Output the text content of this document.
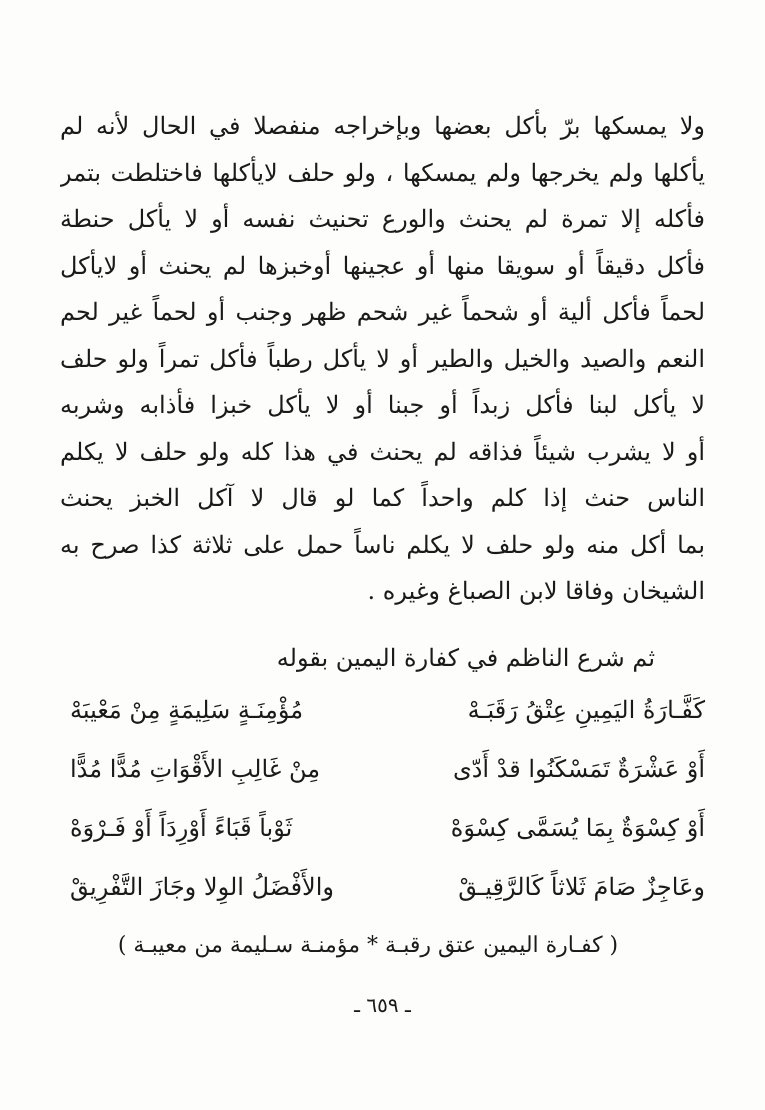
ولا يمسكها برّ بأكل بعضها وبإخراجه منفصلا في الحال لأنه لم
يأكلها ولم يخرجها ولم يمسكها ، ولو حلف لايأكلها فاختلطت بتمر
فأكله إلا تمرة لم يحنث والورع تحنيث نفسه أو لا يأكل حنطة
فأكل دقيقاً أو سويقا منها أو عجينها أوخبزها لم يحنث أو لايأكل
لحماً فأكل ألية أو شحماً غير شحم ظهر وجنب أو لحماً غير لحم
النعم والصيد والخيل والطير أو لا يأكل رطباً فأكل تمراً ولو حلف
لا يأكل لبنا فأكل زبداً أو جبنا أو لا يأكل خبزا فأذابه وشربه
أو لا يشرب شيئاً فذاقه لم يحنث في هذا كله ولو حلف لا يكلم
الناس حنث إذا كلم واحداً كما لو قال لا آكل الخبز يحنث
بما أكل منه ولو حلف لا يكلم ناساً حمل على ثلاثة كذا صرح به
الشيخان وفاقا لابن الصباغ وغيره .
ثم شرع الناظم في كفارة اليمين بقوله
كَفَّـارَةُ اليَمِينِ عِتْقُ رَقَبَـهْ
مُؤْمِنَـةٍ سَلِيمَةٍ مِنْ مَعْيبَهْ
أَوْ عَشْرَةٌ تَمَسْكَنُوا قدْ أَدّى
مِنْ غَالِبِ الأَقْوَاتِ مُدًّا مُدًّا
أَوْ كِسْوَةٌ بِمَا يُسَمَّى كِسْوَهْ
ثَوْباً قَبَاءً أَوْرِدَاً أَوْ فَـرْوَهْ
وعَاجِزٌ صَامَ ثَلاثاً كَالرَّقِيـقْ
والأَفْضَلُ الوِلا وجَازَ التَّفْرِيقْ
( كفـارة اليمين عتق رقبـة * مؤمنـة سـليمة من معيبـة )
ـ ٦٥٩ ـ
